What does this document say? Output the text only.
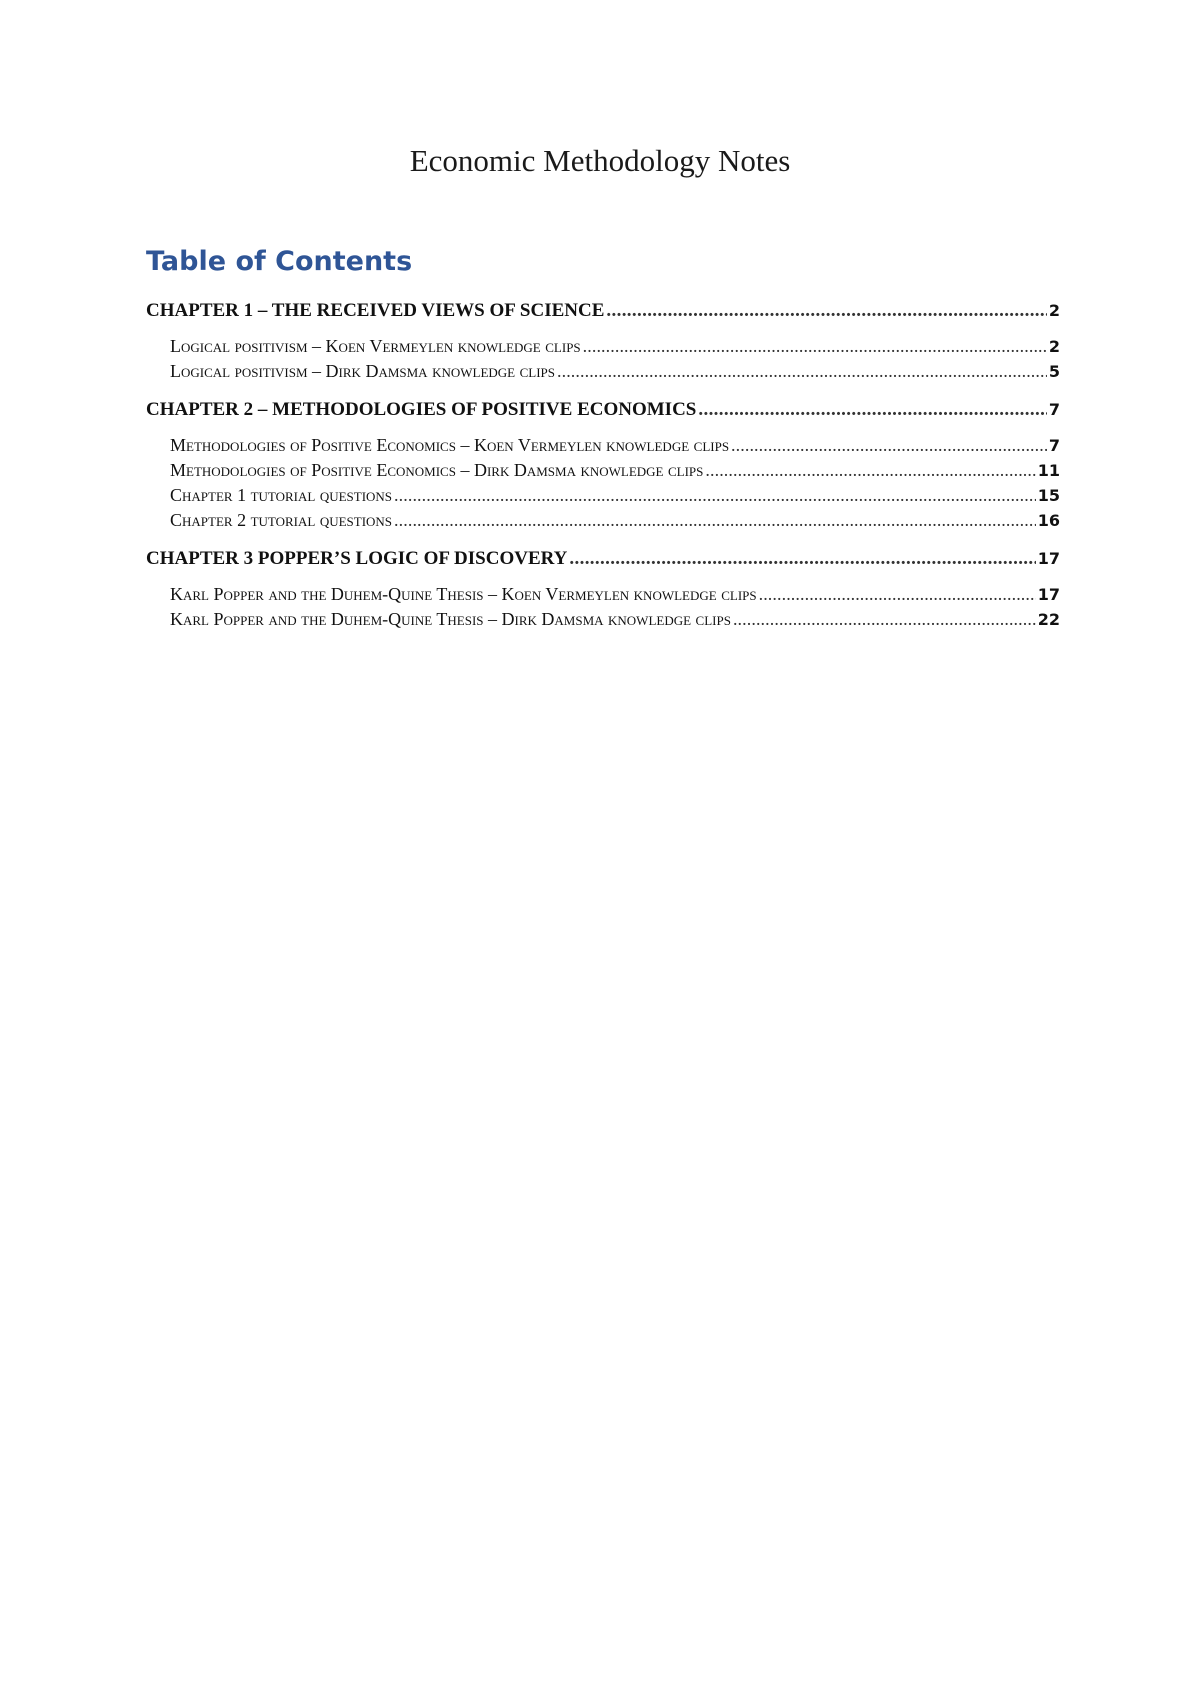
Economic Methodology Notes
Table of Contents
CHAPTER 1 – THE RECEIVED VIEWS OF SCIENCE . . .	2
Logical positivism – Koen Vermeylen knowledge clips . . .	2
Logical positivism – Dirk Damsma knowledge clips . . .	5
CHAPTER 2 – METHODOLOGIES OF POSITIVE ECONOMICS . . .	7
Methodologies of Positive Economics – Koen Vermeylen knowledge clips . . .	7
Methodologies of Positive Economics – Dirk Damsma knowledge clips . . .	11
Chapter 1 tutorial questions . . .	15
Chapter 2 tutorial questions . . .	16
CHAPTER 3 POPPER’S LOGIC OF DISCOVERY . . .	17
Karl Popper and the Duhem-Quine Thesis – Koen Vermeylen knowledge clips . . .	17
Karl Popper and the Duhem-Quine Thesis – Dirk Damsma knowledge clips . . .	22
